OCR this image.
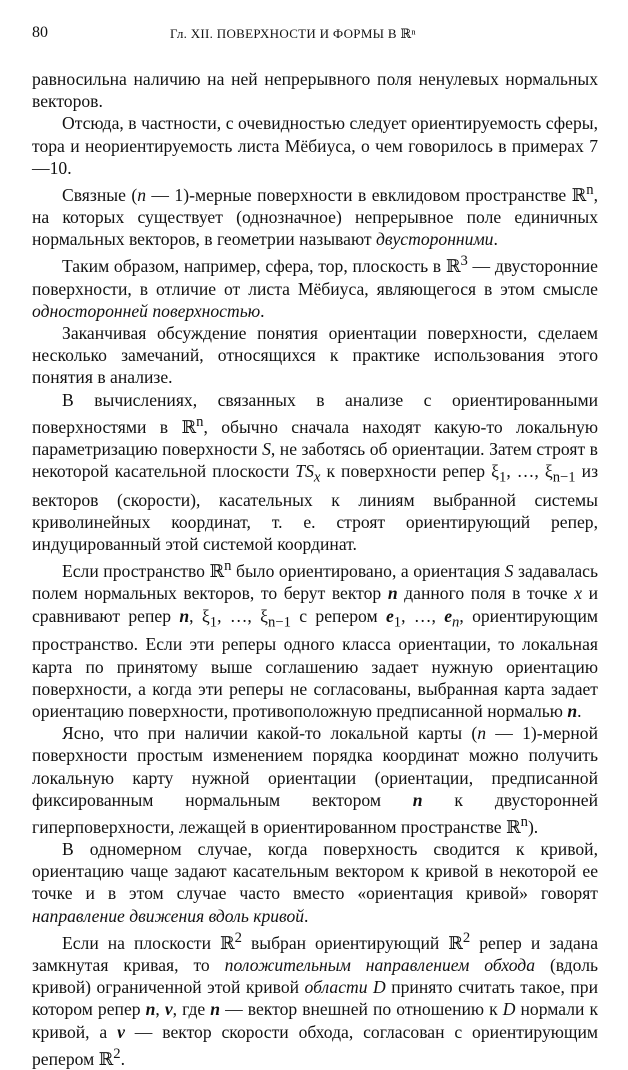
80	Гл. XII. ПОВЕРХНОСТИ И ФОРМЫ В ℝⁿ

равносильна наличию на ней непрерывного поля ненулевых нормальных векторов.

Отсюда, в частности, с очевидностью следует ориентируемость сферы, тора и неориентируемость листа Мёбиуса, о чем говорилось в примерах 7—10.

Связные (n — 1)-мерные поверхности в евклидовом пространстве ℝ$^n$, на которых существует (однозначное) непрерывное поле единичных нормальных векторов, в геометрии называют двусторонними.

Таким образом, например, сфера, тор, плоскость в ℝ$^3$ — двусторонние поверхности, в отличие от листа Мёбиуса, являющегося в этом смысле односторонней поверхностью.

Заканчивая обсуждение понятия ориентации поверхности, сделаем несколько замечаний, относящихся к практике использования этого понятия в анализе.

В вычислениях, связанных в анализе с ориентированными поверхностями в ℝ$^n$, обычно сначала находят какую-то локальную параметризацию поверхности S, не заботясь об ориентации. Затем строят в некоторой касательной плоскости $TS_x$ к поверхности репер $\xi_1$, …, $\xi_{n-1}$ из векторов (скорости), касательных к линиям выбранной системы криволинейных координат, т. е. строят ориентирующий репер, индуцированный этой системой координат.

Если пространство ℝ$^n$ было ориентировано, а ориентация S задавалась полем нормальных векторов, то берут вектор n данного поля в точке x и сравнивают репер n, $\xi_1$, …, $\xi_{n-1}$ с репером $e_1$, …, $e_n$, ориентирующим пространство. Если эти реперы одного класса ориентации, то локальная карта по принятому выше соглашению задает нужную ориентацию поверхности, а когда эти реперы не согласованы, выбранная карта задает ориентацию поверхности, противоположную предписанной нормалью n.

Ясно, что при наличии какой-то локальной карты (n — 1)-мерной поверхности простым изменением порядка координат можно получить локальную карту нужной ориентации (ориентации, предписанной фиксированным нормальным вектором n к двусторонней гиперповерхности, лежащей в ориентированном пространстве ℝ$^n$).

В одномерном случае, когда поверхность сводится к кривой, ориентацию чаще задают касательным вектором к кривой в некоторой ее точке и в этом случае часто вместо «ориентация кривой» говорят направление движения вдоль кривой.

Если на плоскости ℝ$^2$ выбран ориентирующий ℝ$^2$ репер и задана замкнутая кривая, то положительным направлением обхода (вдоль кривой) ограниченной этой кривой области D принято считать такое, при котором репер n, v, где n — вектор внешней по отношению к D нормали к кривой, а v — вектор скорости обхода, согласован с ориентирующим репером ℝ$^2$.
